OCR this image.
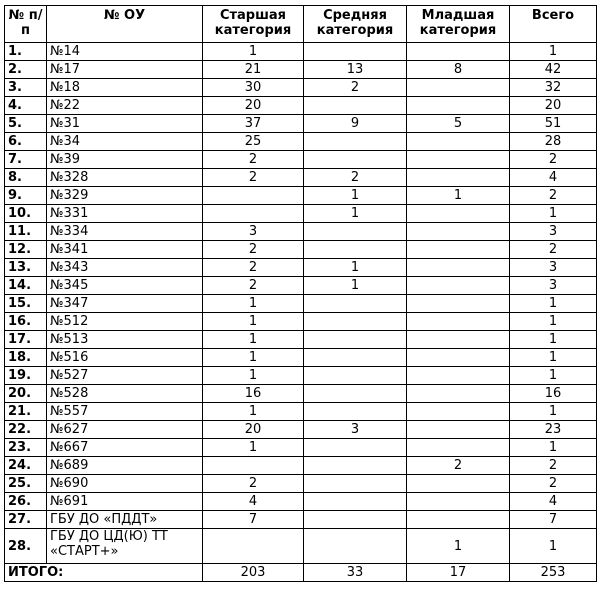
№ п/п	№ ОУ	Старшая категория	Средняя категория	Младшая категория	Всего
1.	№14	1			1
2.	№17	21	13	8	42
3.	№18	30	2		32
4.	№22	20			20
5.	№31	37	9	5	51
6.	№34	25			28
7.	№39	2			2
8.	№328	2	2		4
9.	№329		1	1	2
10.	№331		1		1
11.	№334	3			3
12.	№341	2			2
13.	№343	2	1		3
14.	№345	2	1		3
15.	№347	1			1
16.	№512	1			1
17.	№513	1			1
18.	№516	1			1
19.	№527	1			1
20.	№528	16			16
21.	№557	1			1
22.	№627	20	3		23
23.	№667	1			1
24.	№689			2	2
25.	№690	2			2
26.	№691	4			4
27.	ГБУ ДО «ПДДТ»	7			7
28.	ГБУ ДО ЦД(Ю) ТТ «СТАРТ+»			1	1
ИТОГО:		203	33	17	253
